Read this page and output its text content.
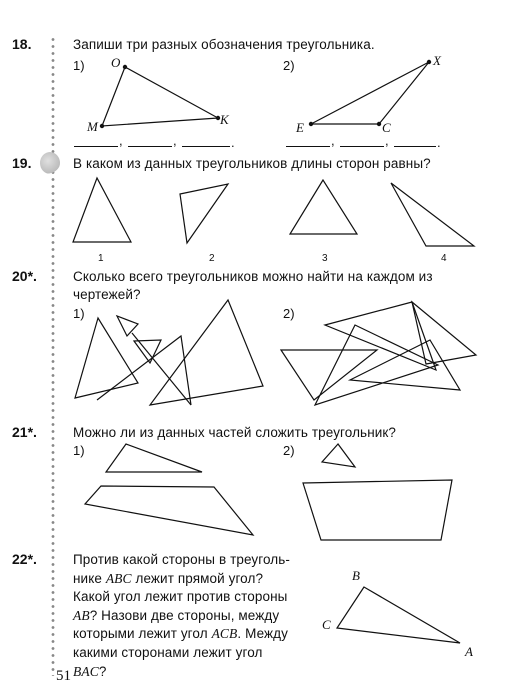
18.	Запиши три разных обозначения треугольника.
1)	2)
O
M	K
X
E	C
,	,	.	,	,	.
19.	В каком из данных треугольников длины сторон равны?
1	2	3	4
20*.	Сколько всего треугольников можно найти на каждом из
чертежей?
1)	2)
21*.	Можно ли из данных частей сложить треугольник?
1)	2)
22*.	Против какой стороны в треуголь-
нике ABC лежит прямой угол?
Какой угол лежит против стороны
AB? Назови две стороны, между
которыми лежит угол ACB. Между
какими сторонами лежит угол
BAC?
B
C
A
51
